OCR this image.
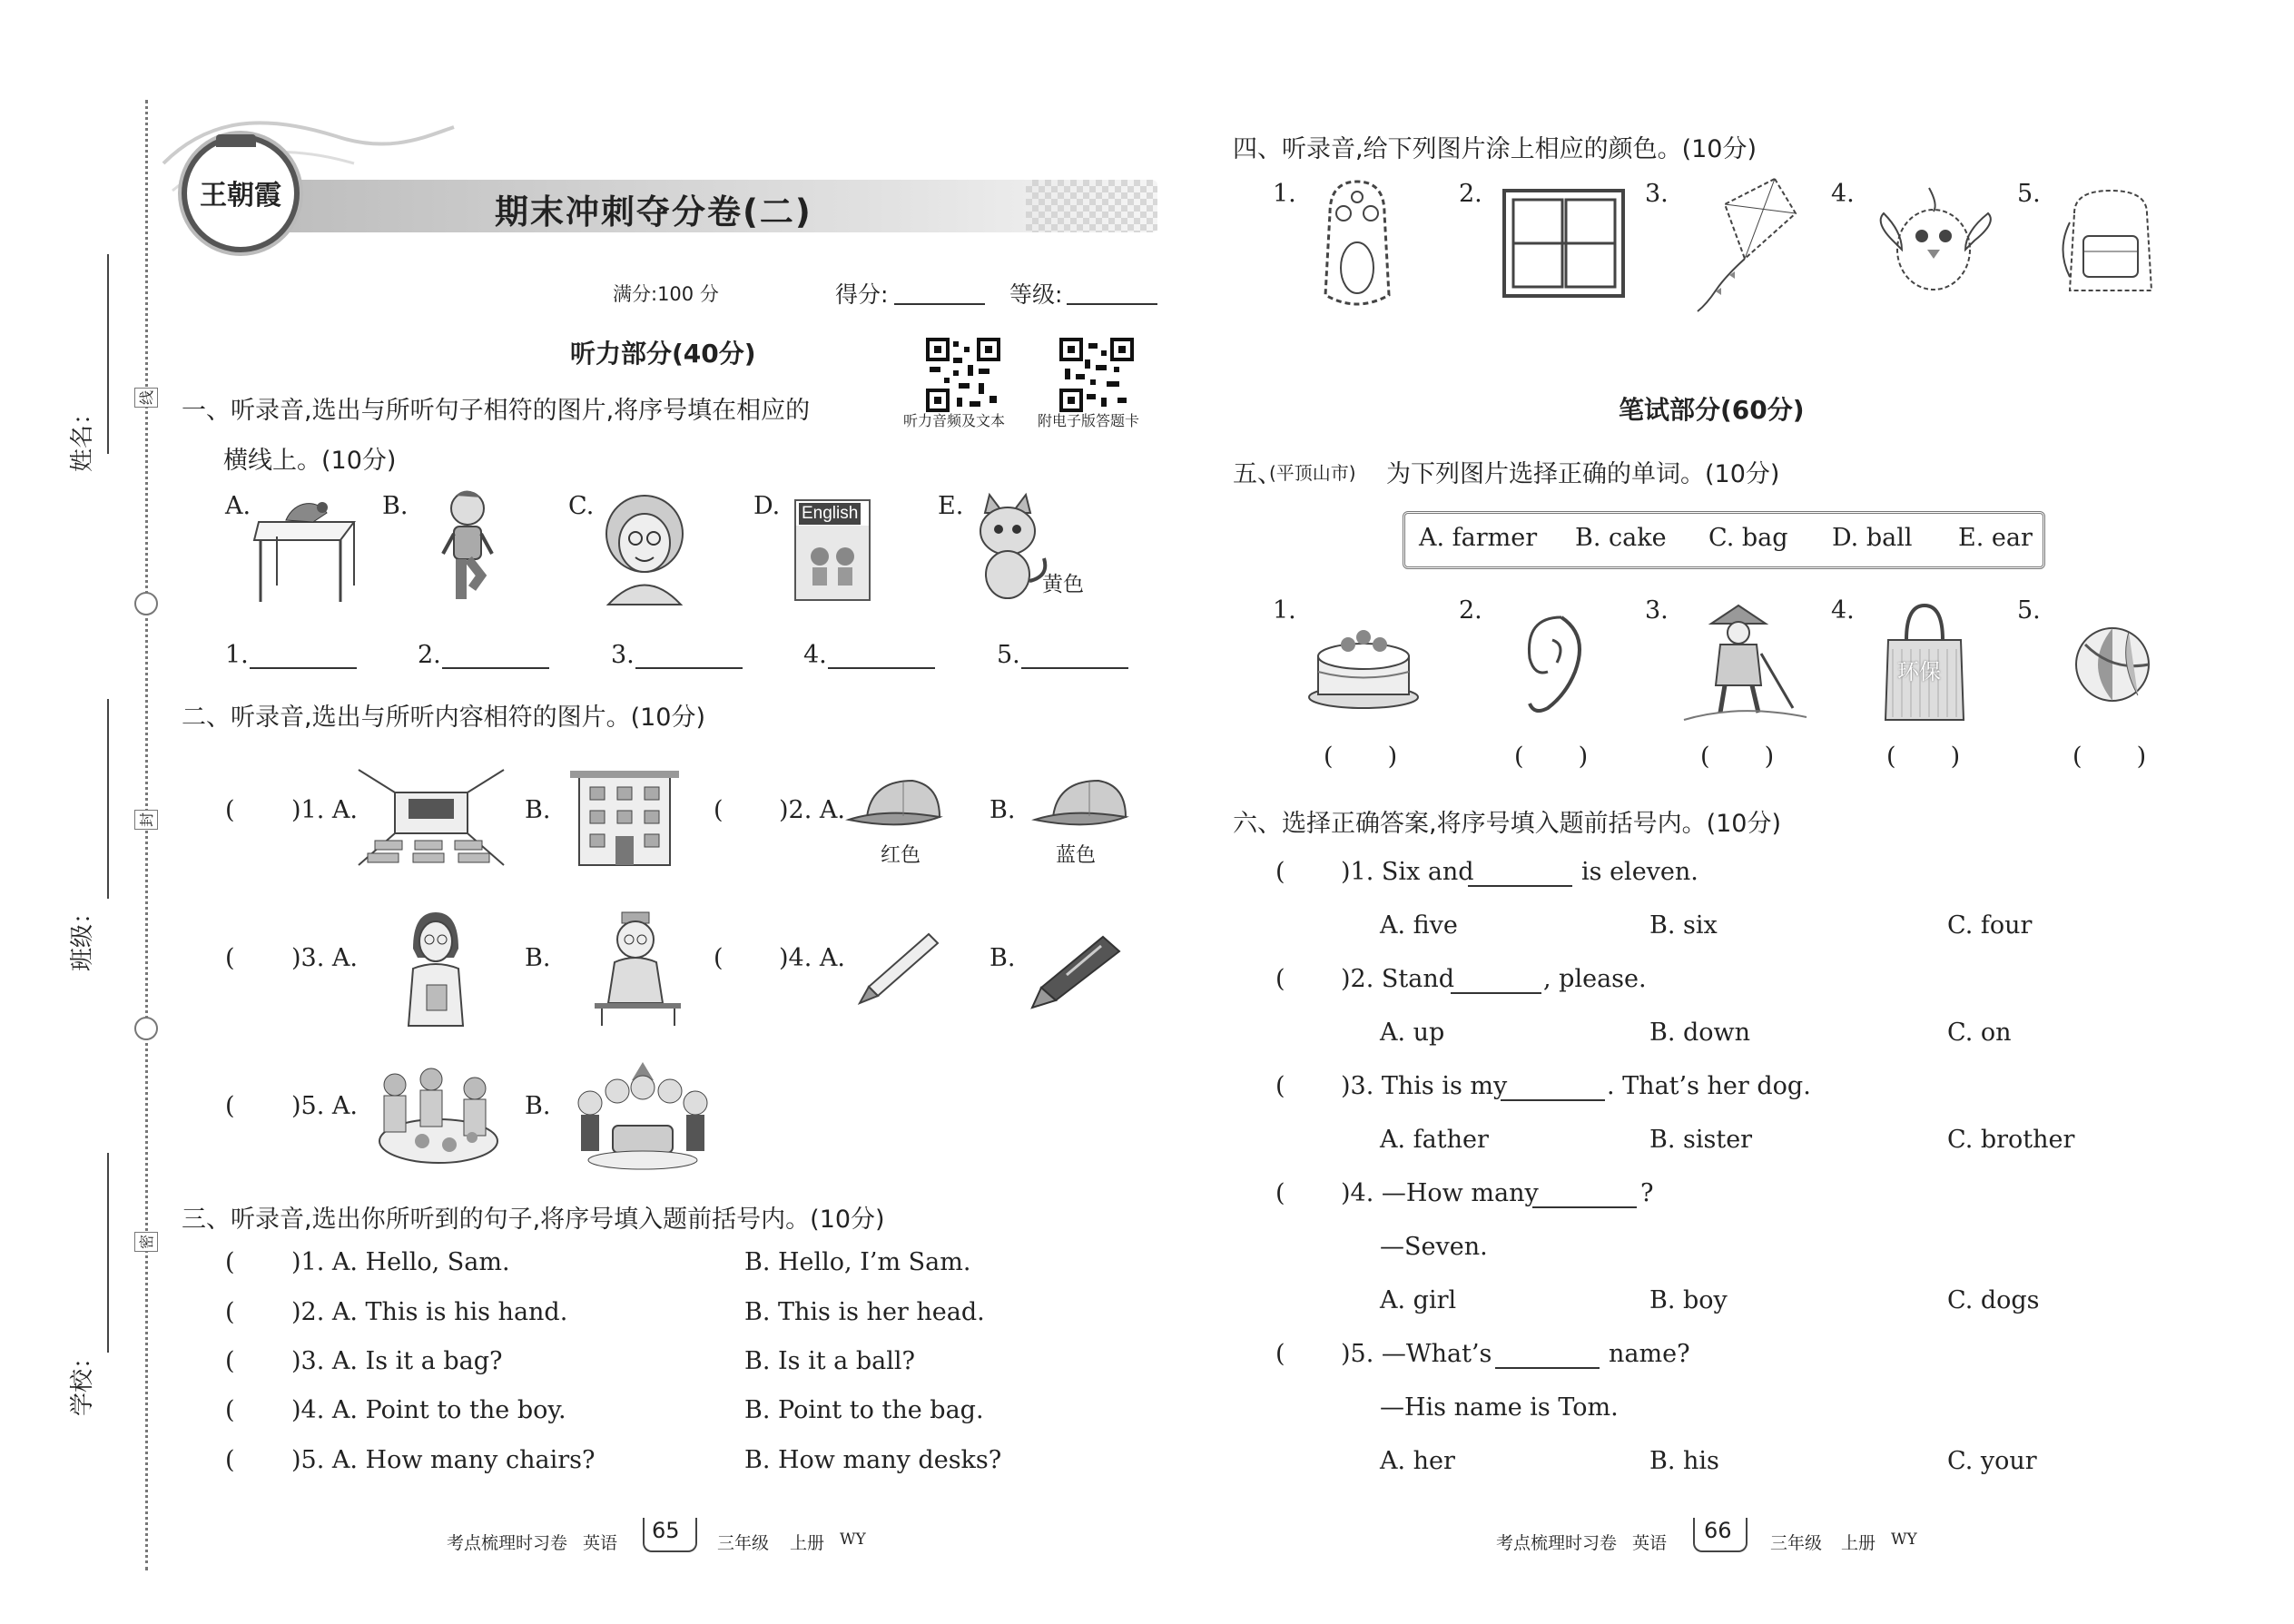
线
封
密
姓名：
班级：
学校：
王朝霞	期末冲刺夺分卷(二)
满分:100 分	得分:	等级:
听力音频及文本 附电子版答题卡
听力部分(40分)
一、听录音,选出与所听句子相符的图片,将序号填在相应的
横线上。(10分)
A.	B.	C.	D. English	E.
黄色
1.	2.	3.	4.	5.
二、听录音,选出与所听内容相符的图片。(10分)
( )1. A.	B.	( )2. A.
红色
B.
蓝色
( )3. A.	B.	( )4. A.	B.
( )5. A.	B.
三、听录音,选出你所听到的句子,将序号填入题前括号内。(10分)
( )1. A. Hello, Sam.	B. Hello, I’m Sam.
( )2. A. This is his hand.	B. This is her head.
( )3. A. Is it a bag?	B. Is it a ball?
( )4. A. Point to the boy.	B. Point to the bag.
( )5. A. How many chairs?	B. How many desks?
考点梳理时习卷 英语 65 三年级 上册 WY
四、听录音,给下列图片涂上相应的颜色。(10分)
1.	2.	3.	4.	5.
笔试部分(60分)
五、
(平顶山市) 为下列图片选择正确的单词。(10分)
A. farmer B. cake C. bag D. ball E. ear
1.	2.	3.	4.
环保
5.
(       )	(       )	(       )	(       )	(       )
六、选择正确答案,将序号填入题前括号内。(10分)
( )1. Six and	is eleven.
A. five	B. six	C. four
( )2. Stand	, please.
A. up	B. down	C. on
( )3. This is my	. That’s her dog.
A. father	B. sister	C. brother
( )4. —How many	?
—Seven.
A. girl	B. boy	C. dogs
( )5. —What’s	name?
—His name is Tom.
A. her	B. his	C. your
考点梳理时习卷 英语 66 三年级 上册 WY
